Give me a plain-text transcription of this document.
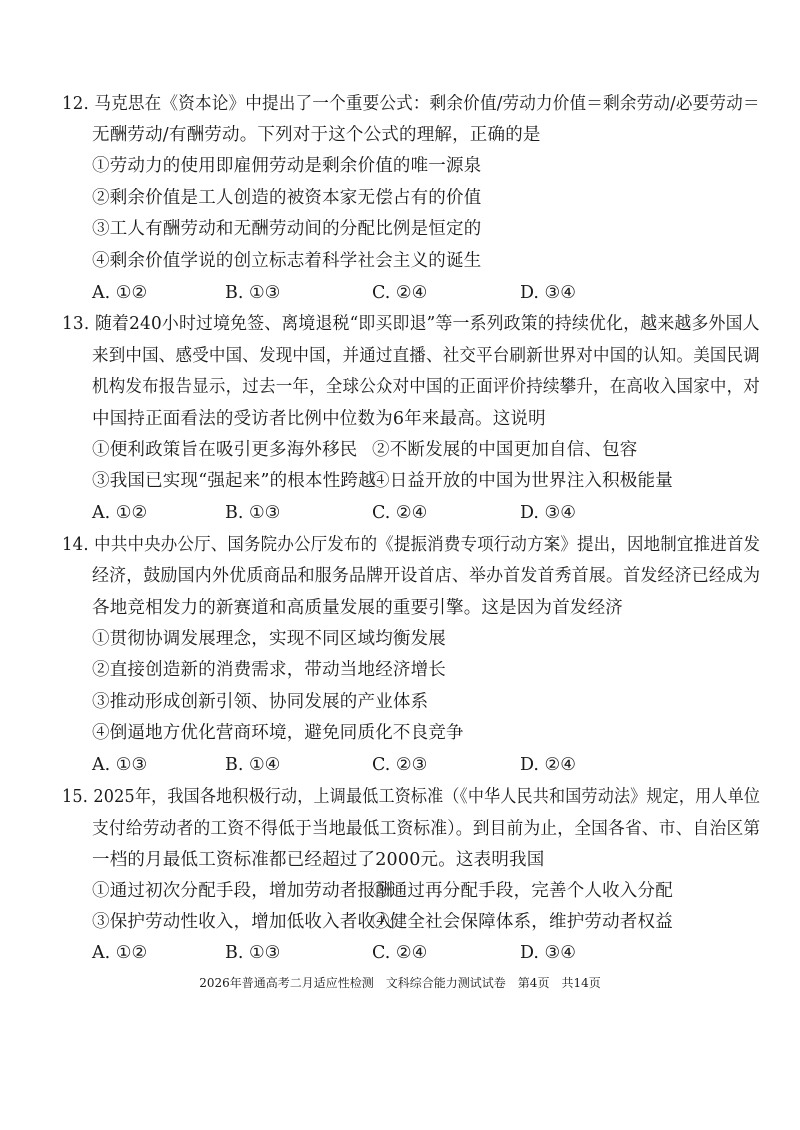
12. 马克思在《资本论》中提出了一个重要公式：剩余价值/劳动力价值＝剩余劳动/必要劳动＝
无酬劳动/有酬劳动。下列对于这个公式的理解，正确的是
①劳动力的使用即雇佣劳动是剩余价值的唯一源泉
②剩余价值是工人创造的被资本家无偿占有的价值
③工人有酬劳动和无酬劳动间的分配比例是恒定的
④剩余价值学说的创立标志着科学社会主义的诞生
A. ①②	B. ①③	C. ②④	D. ③④
13. 随着240小时过境免签、离境退税“即买即退”等一系列政策的持续优化，越来越多外国人
来到中国、感受中国、发现中国，并通过直播、社交平台刷新世界对中国的认知。美国民调
机构发布报告显示，过去一年，全球公众对中国的正面评价持续攀升，在高收入国家中，对
中国持正面看法的受访者比例中位数为6年来最高。这说明
①便利政策旨在吸引更多海外移民 ②不断发展的中国更加自信、包容
③我国已实现“强起来”的根本性跨越
④日益开放的中国为世界注入积极能量
A. ①②	B. ①③	C. ②④	D. ③④
14. 中共中央办公厅、国务院办公厅发布的《提振消费专项行动方案》提出，因地制宜推进首发
经济，鼓励国内外优质商品和服务品牌开设首店、举办首发首秀首展。首发经济已经成为
各地竞相发力的新赛道和高质量发展的重要引擎。这是因为首发经济
①贯彻协调发展理念，实现不同区域均衡发展
②直接创造新的消费需求，带动当地经济增长
③推动形成创新引领、协同发展的产业体系
④倒逼地方优化营商环境，避免同质化不良竞争
A. ①③	B. ①④	C. ②③	D. ②④
15. 2025年，我国各地积极行动，上调最低工资标准（《中华人民共和国劳动法》规定，用人单位
支付给劳动者的工资不得低于当地最低工资标准）。到目前为止，全国各省、市、自治区第
一档的月最低工资标准都已经超过了2000元。这表明我国
①通过初次分配手段，增加劳动者报酬
②通过再分配手段，完善个人收入分配
③保护劳动性收入，增加低收入者收入
④健全社会保障体系，维护劳动者权益
A. ①②	B. ①③	C. ②④	D. ③④
2026年普通高考二月适应性检测　文科综合能力测试试卷　第4页　共14页
